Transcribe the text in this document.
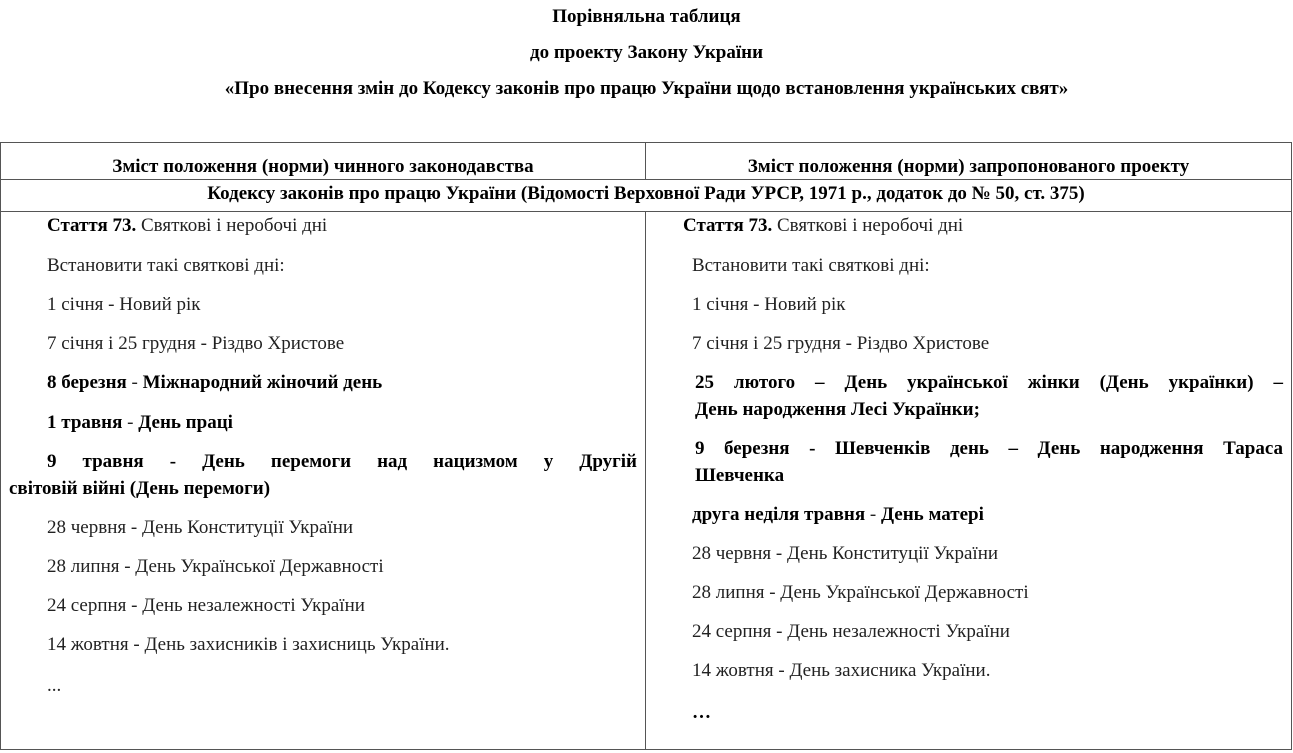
Порівняльна таблиця
до проекту Закону України
«Про внесення змін до Кодексу законів про працю України щодо встановлення українських свят»
Зміст положення (норми) чинного законодавства	Зміст положення (норми) запропонованого проекту
Кодексу законів про працю України (Відомості Верховної Ради УРСР, 1971 р., додаток до № 50, ст. 375)
Стаття 73. Святкові і неробочі дні
Встановити такі святкові дні:
1 січня - Новий рік
7 січня і 25 грудня - Різдво Христове
8 березня - Міжнародний жіночий день
1 травня - День праці
9 травня - День перемоги над нацизмом у Другій
світовій війні (День перемоги)
28 червня - День Конституції України
28 липня - День Української Державності
24 серпня - День незалежності України
14 жовтня - День захисників і захисниць України.
...
Стаття 73. Святкові і неробочі дні
Встановити такі святкові дні:
1 січня - Новий рік
7 січня і 25 грудня - Різдво Христове
25 лютого – День української жінки (День українки) –
День народження Лесі Українки;
9 березня - Шевченків день – День народження Тараса
Шевченка
друга неділя травня - День матері
28 червня - День Конституції України
28 липня - День Української Державності
24 серпня - День незалежності України
14 жовтня - День захисника України.
…
